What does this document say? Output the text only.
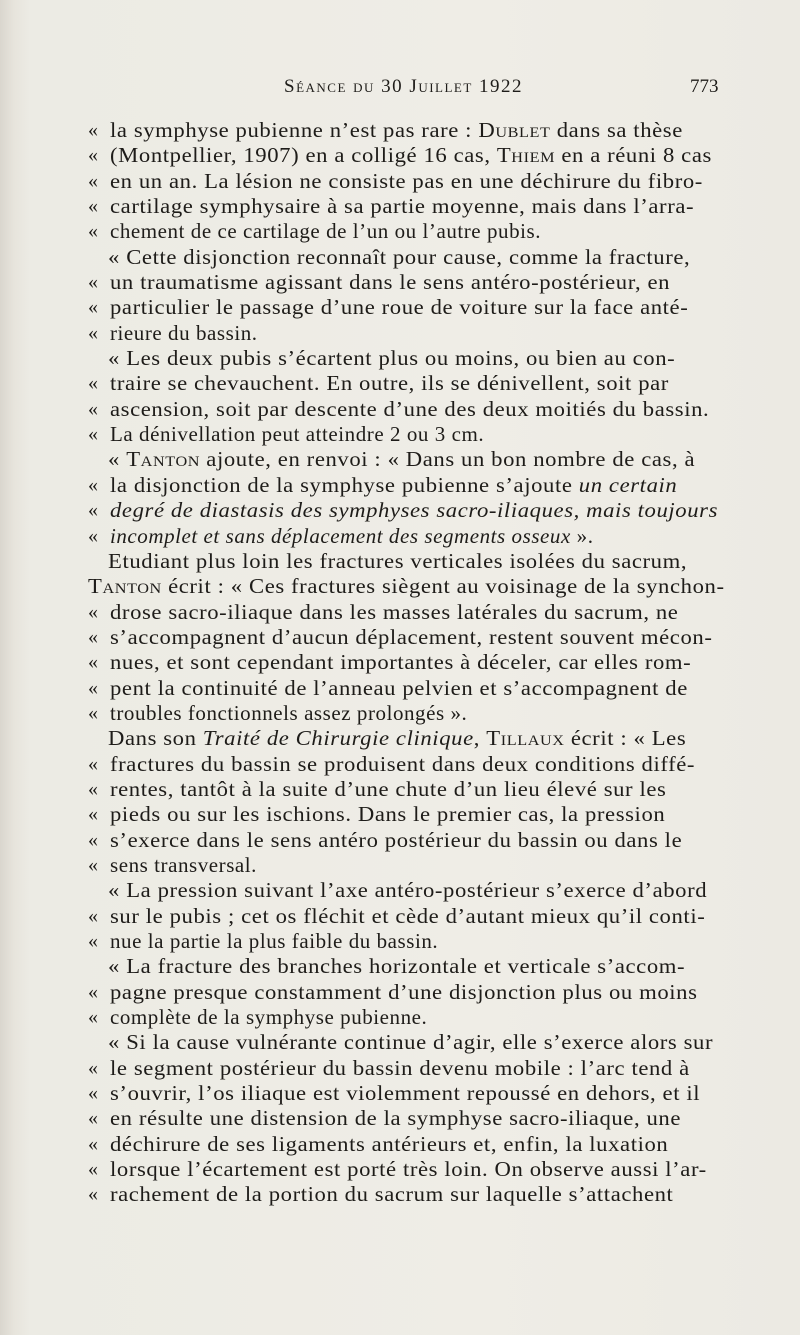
Séance du 30 Juillet 1922	773
« la symphyse pubienne n’est pas rare : Dublet dans sa thèse
« (Montpellier, 1907) en a colligé 16 cas, Thiem en a réuni 8 cas
« en un an. La lésion ne consiste pas en une déchirure du fibro-
« cartilage symphysaire à sa partie moyenne, mais dans l’arra-
« chement de ce cartilage de l’un ou l’autre pubis.
« Cette disjonction reconnaît pour cause, comme la fracture,
« un traumatisme agissant dans le sens antéro-postérieur, en
« particulier le passage d’une roue de voiture sur la face anté-
« rieure du bassin.
« Les deux pubis s’écartent plus ou moins, ou bien au con-
« traire se chevauchent. En outre, ils se dénivellent, soit par
« ascension, soit par descente d’une des deux moitiés du bassin.
« La dénivellation peut atteindre 2 ou 3 cm.
« Tanton ajoute, en renvoi : « Dans un bon nombre de cas, à
« la disjonction de la symphyse pubienne s’ajoute un certain
« degré de diastasis des symphyses sacro-iliaques, mais toujours
« incomplet et sans déplacement des segments osseux ».
Etudiant plus loin les fractures verticales isolées du sacrum,
Tanton écrit : « Ces fractures siègent au voisinage de la synchon-
« drose sacro-iliaque dans les masses latérales du sacrum, ne
« s’accompagnent d’aucun déplacement, restent souvent mécon-
« nues, et sont cependant importantes à déceler, car elles rom-
« pent la continuité de l’anneau pelvien et s’accompagnent de
« troubles fonctionnels assez prolongés ».
Dans son Traité de Chirurgie clinique, Tillaux écrit : « Les
« fractures du bassin se produisent dans deux conditions diffé-
« rentes, tantôt à la suite d’une chute d’un lieu élevé sur les
« pieds ou sur les ischions. Dans le premier cas, la pression
« s’exerce dans le sens antéro postérieur du bassin ou dans le
« sens transversal.
« La pression suivant l’axe antéro-postérieur s’exerce d’abord
« sur le pubis ; cet os fléchit et cède d’autant mieux qu’il conti-
« nue la partie la plus faible du bassin.
« La fracture des branches horizontale et verticale s’accom-
« pagne presque constamment d’une disjonction plus ou moins
« complète de la symphyse pubienne.
« Si la cause vulnérante continue d’agir, elle s’exerce alors sur
« le segment postérieur du bassin devenu mobile : l’arc tend à
« s’ouvrir, l’os iliaque est violemment repoussé en dehors, et il
« en résulte une distension de la symphyse sacro-iliaque, une
« déchirure de ses ligaments antérieurs et, enfin, la luxation
« lorsque l’écartement est porté très loin. On observe aussi l’ar-
« rachement de la portion du sacrum sur laquelle s’attachent
